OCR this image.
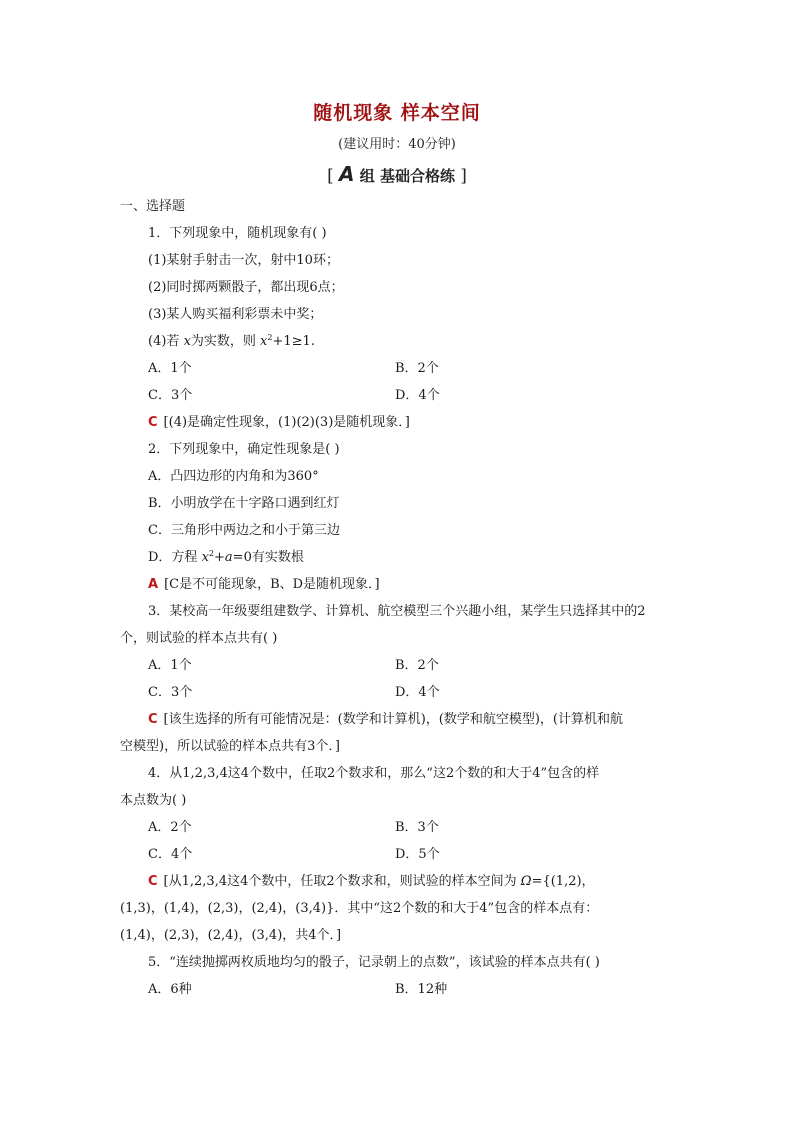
随机现象 样本空间
(建议用时：40分钟)
[ A 组 基础合格练 ]
一、选择题
1．下列现象中，随机现象有( )
(1)某射手射击一次，射中10环；
(2)同时掷两颗骰子，都出现6点；
(3)某人购买福利彩票未中奖；
(4)若 x为实数，则 $x^2+1\ge 1$.
A．1个	B．2个
C．3个	D．4个
C [(4)是确定性现象，(1)(2)(3)是随机现象．]
2．下列现象中，确定性现象是( )
A．凸四边形的内角和为360°
B．小明放学在十字路口遇到红灯
C．三角形中两边之和小于第三边
D．方程 $x^2+a=0$有实数根
A [C是不可能现象，B、D是随机现象．]
3．某校高一年级要组建数学、计算机、航空模型三个兴趣小组，某学生只选择其中的2
个，则试验的样本点共有( )
A．1个	B．2个
C．3个	D．4个
C [该生选择的所有可能情况是：(数学和计算机)，(数学和航空模型)，(计算机和航
空模型)，所以试验的样本点共有3个．]
4．从1,2,3,4这4个数中，任取2个数求和，那么“这2个数的和大于4”包含的样
本点数为( )
A．2个	B．3个
C．4个	D．5个
C [从1,2,3,4这4个数中，任取2个数求和，则试验的样本空间为 Ω={(1,2)，
(1,3)，(1,4)，(2,3)，(2,4)，(3,4)}．其中“这2个数的和大于4”包含的样本点有：
(1,4)，(2,3)，(2,4)，(3,4)，共4个．]
5．“连续抛掷两枚质地均匀的骰子，记录朝上的点数”，该试验的样本点共有( )
A．6种	B．12种
